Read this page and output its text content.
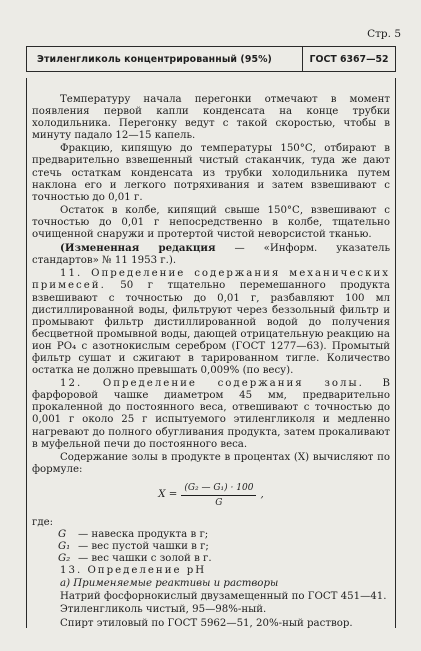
Стр. 5
Этиленгликоль концентрированный (95%)	ГОСТ 6367—52

Температуру начала перегонки отмечают в момент появления первой капли конденсата на конце трубки холодильника. Перегонку ведут с такой скоростью, чтобы в минуту падало 12—15 капель.

Фракцию, кипящую до температуры 150°С, отбирают в предварительно взвешенный чистый стаканчик, туда же дают стечь остаткам конденсата из трубки холодильника путем наклона его и легкого потряхивания и затем взвешивают с точностью до 0,01 г.

Остаток в колбе, кипящий свыше 150°С, взвешивают с точностью до 0,01 г непосредственно в колбе, тщательно очищенной снаружи и протертой чистой неворсистой тканью.

(Измененная редакция — «Информ. указатель стандартов» № 11 1953 г.).

11. Определение содержания механических примесей. 50 г тщательно перемешанного продукта взвешивают с точностью до 0,01 г, разбавляют 100 мл дистиллированной воды, фильтруют через беззольный фильтр и промывают фильтр дистиллированной водой до получения бесцветной промывной воды, дающей отрицательную реакцию на ион PO₄ с азотнокислым серебром (ГОСТ 1277—63). Промытый фильтр сушат и сжигают в тарированном тигле. Количество остатка не должно превышать 0,009% (по весу).

12. Определение содержания золы. В фарфоровой чашке диаметром 45 мм, предварительно прокаленной до постоянного веса, отвешивают с точностью до 0,001 г около 25 г испытуемого этиленгликоля и медленно нагревают до полного обугливания продукта, затем прокаливают в муфельной печи до постоянного веса.

Содержание золы в продукте в процентах (X) вычисляют по формуле:

$X = \frac{\text{(G₂ — G₁) · 100}}{G}$ ,

где:

G	— навеска продукта в г;
G₁ — вес пустой чашки в г;
G₂ — вес чашки с золой в г.

13. Определение pH

а) Применяемые реактивы и растворы

Натрий фосфорнокислый двузамещенный по ГОСТ 451—41.

Этиленгликоль чистый, 95—98%-ный.

Спирт этиловый по ГОСТ 5962—51, 20%-ный раствор.
